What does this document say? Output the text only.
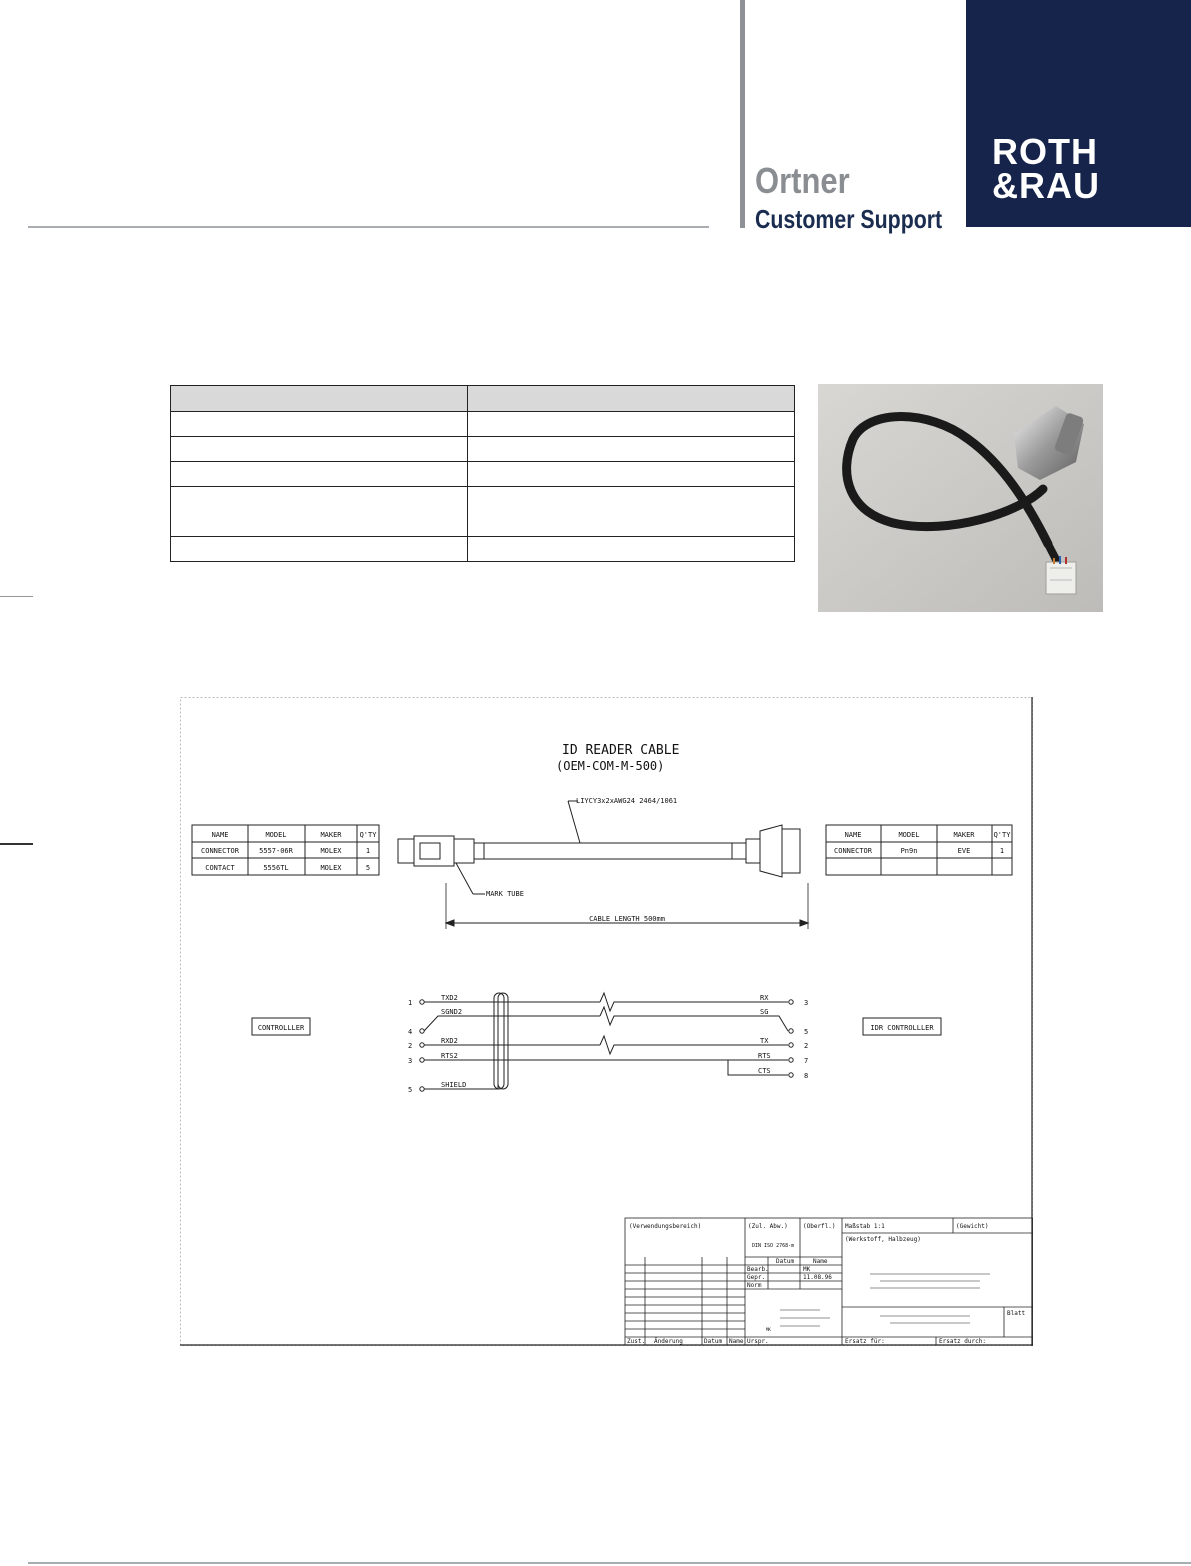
Ortner
Customer Support
ROTH
&RAU

ID READER CABLE
(OEM-COM-M-500)
NAME	MODEL	MAKER	Q'TY
CONNECTOR	5557-06R	MOLEX	1
CONTACT	5556TL	MOLEX	5
NAME	MODEL	MAKER	Q'TY
CONNECTOR	Pn9n	EVE	1
LIYCY3x2xAWG24 2464/1061
MARK TUBE
CABLE LENGTH 500mm
CONTROLLLER	IDR CONTROLLLER
1
4
2
3
5
TXD2
SGND2
RXD2
RTS2
SHIELD
RX
SG
TX
RTS
CTS
3
5
2
7
8
(Verwendungsbereich)	(Zul. Abw.)	(Oberfl.) Maßstab 1:1	(Gewicht)
(Werkstoff, Halbzeug)
DIN ISO 2768-m
Datum	Name
Bearb.	MK
Gepr.	11.08.96
Norm
Blatt
MK
Zust. Änderung	Datum Name Urspr.	Ersatz für:	Ersatz durch:
